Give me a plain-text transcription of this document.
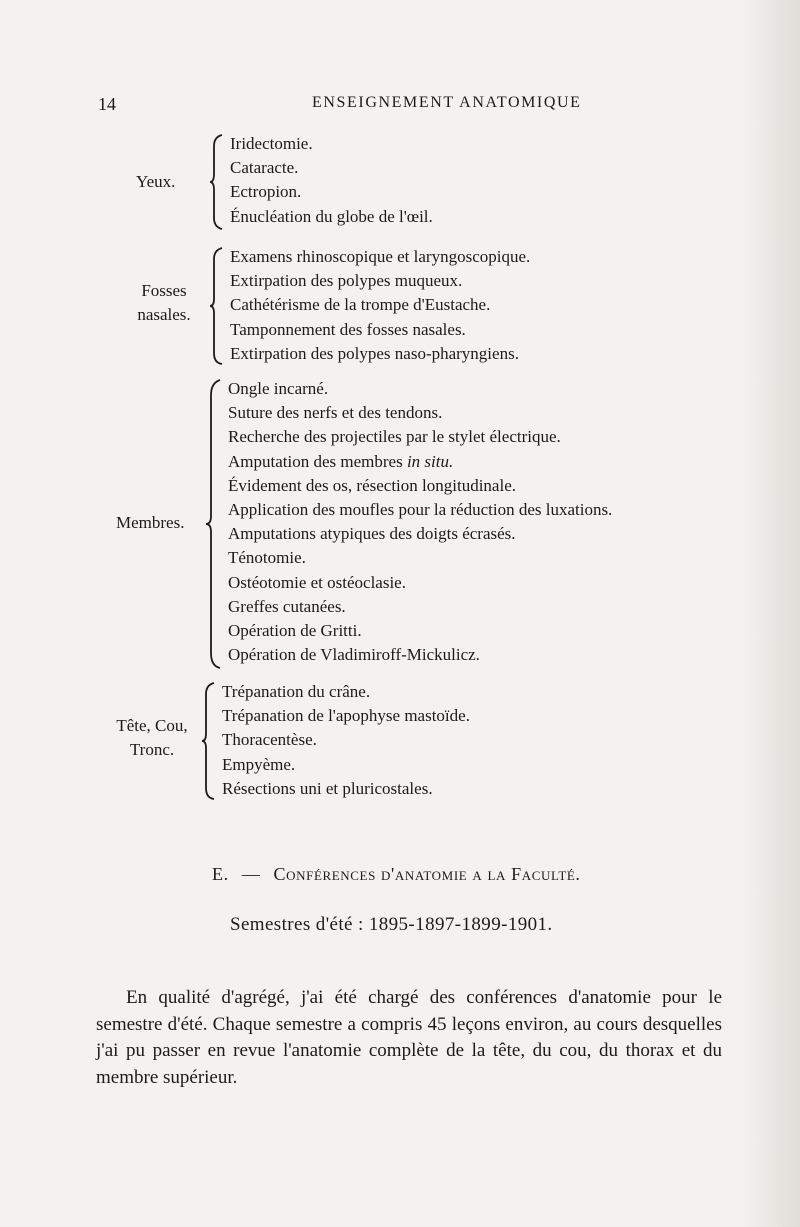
14	ENSEIGNEMENT ANATOMIQUE
Yeux.
Iridectomie.
Cataracte.
Ectropion.
Énucléation du globe de l'œil.
Fosses
nasales.
Examens rhinoscopique et laryngoscopique.
Extirpation des polypes muqueux.
Cathétérisme de la trompe d'Eustache.
Tamponnement des fosses nasales.
Extirpation des polypes naso-pharyngiens.
Membres.
Ongle incarné.
Suture des nerfs et des tendons.
Recherche des projectiles par le stylet électrique.
Amputation des membres in situ.
Évidement des os, résection longitudinale.
Application des moufles pour la réduction des luxations.
Amputations atypiques des doigts écrasés.
Ténotomie.
Ostéotomie et ostéoclasie.
Greffes cutanées.
Opération de Gritti.
Opération de Vladimiroff-Mickulicz.
Tête, Cou,
Tronc.
Trépanation du crâne.
Trépanation de l'apophyse mastoïde.
Thoracentèse.
Empyème.
Résections uni et pluricostales.
E. — Conférences d'anatomie a la Faculté.
Semestres d'été : 1895-1897-1899-1901.

En qualité d'agrégé, j'ai été chargé des conférences d'anatomie pour le semestre d'été. Chaque semestre a compris 45 leçons environ, au cours desquelles j'ai pu passer en revue l'anatomie complète de la tête, du cou, du thorax et du membre supérieur.
